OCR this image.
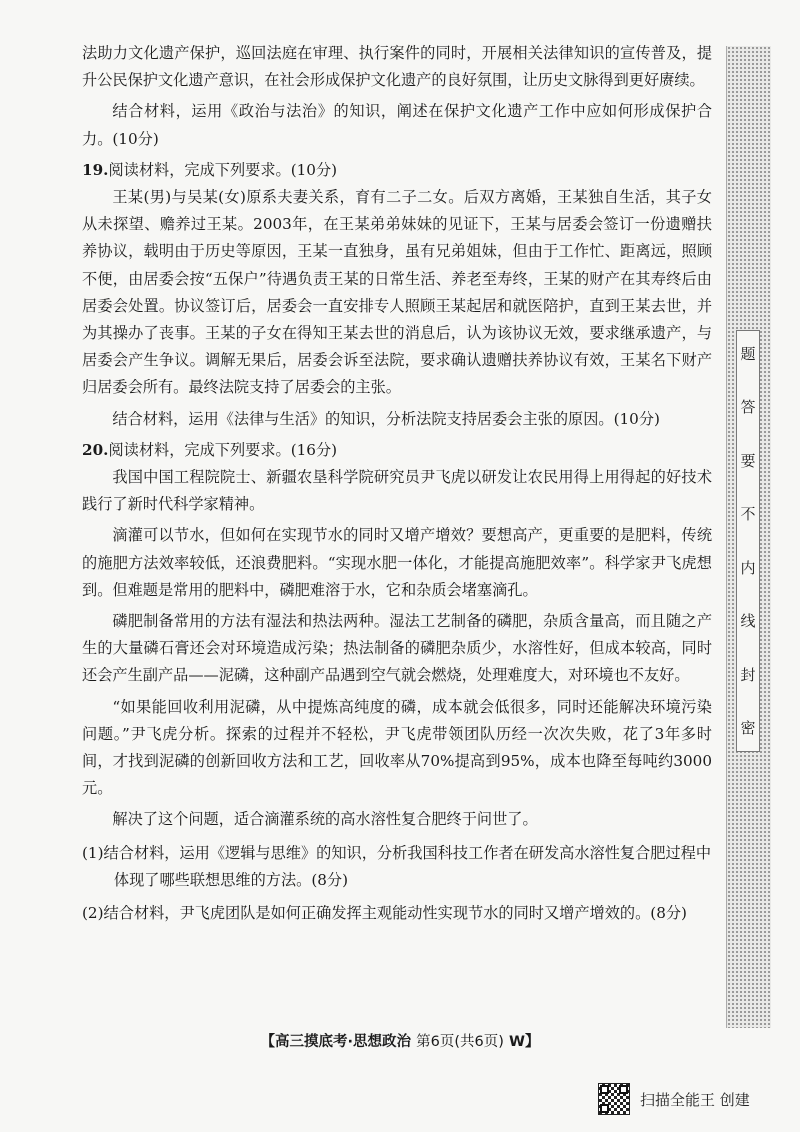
法助力文化遗产保护，巡回法庭在审理、执行案件的同时，开展相关法律知识的宣传普及，提升公民保护文化遗产意识，在社会形成保护文化遗产的良好氛围，让历史文脉得到更好赓续。

结合材料，运用《政治与法治》的知识，阐述在保护文化遗产工作中应如何形成保护合力。(10分)

19.阅读材料，完成下列要求。(10分)

王某(男)与吴某(女)原系夫妻关系，育有二子二女。后双方离婚，王某独自生活，其子女从未探望、赡养过王某。2003年，在王某弟弟妹妹的见证下，王某与居委会签订一份遗赠扶养协议，载明由于历史等原因，王某一直独身，虽有兄弟姐妹，但由于工作忙、距离远，照顾不便，由居委会按“五保户”待遇负责王某的日常生活、养老至寿终，王某的财产在其寿终后由居委会处置。协议签订后，居委会一直安排专人照顾王某起居和就医陪护，直到王某去世，并为其操办了丧事。王某的子女在得知王某去世的消息后，认为该协议无效，要求继承遗产，与居委会产生争议。调解无果后，居委会诉至法院，要求确认遗赠扶养协议有效，王某名下财产归居委会所有。最终法院支持了居委会的主张。

结合材料，运用《法律与生活》的知识，分析法院支持居委会主张的原因。(10分)

20.阅读材料，完成下列要求。(16分)

我国中国工程院院士、新疆农垦科学院研究员尹飞虎以研发让农民用得上用得起的好技术践行了新时代科学家精神。

滴灌可以节水，但如何在实现节水的同时又增产增效？要想高产，更重要的是肥料，传统的施肥方法效率较低，还浪费肥料。“实现水肥一体化，才能提高施肥效率”。科学家尹飞虎想到。但难题是常用的肥料中，磷肥难溶于水，它和杂质会堵塞滴孔。

磷肥制备常用的方法有湿法和热法两种。湿法工艺制备的磷肥，杂质含量高，而且随之产生的大量磷石膏还会对环境造成污染；热法制备的磷肥杂质少，水溶性好，但成本较高，同时还会产生副产品——泥磷，这种副产品遇到空气就会燃烧，处理难度大，对环境也不友好。

“如果能回收利用泥磷，从中提炼高纯度的磷，成本就会低很多，同时还能解决环境污染问题。”尹飞虎分析。探索的过程并不轻松，尹飞虎带领团队历经一次次失败，花了3年多时间，才找到泥磷的创新回收方法和工艺，回收率从70%提高到95%，成本也降至每吨约3000元。

解决了这个问题，适合滴灌系统的高水溶性复合肥终于问世了。

(1)结合材料，运用《逻辑与思维》的知识，分析我国科技工作者在研发高水溶性复合肥过程中体现了哪些联想思维的方法。(8分)

(2)结合材料，尹飞虎团队是如何正确发挥主观能动性实现节水的同时又增产增效的。(8分)

题
答
要
不
内
线
封
密
【高三摸底考·思想政治 第6页(共6页) W】
扫描全能王 创建
